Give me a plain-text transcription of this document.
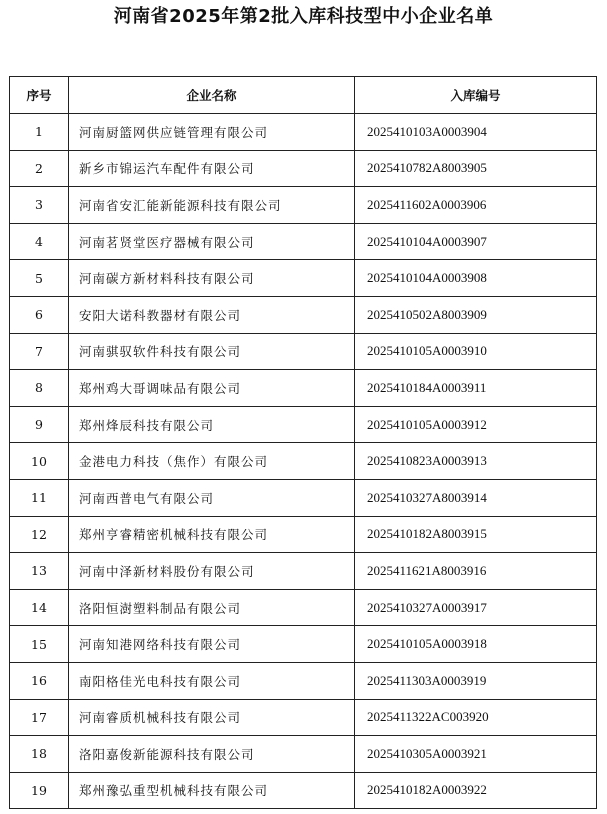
河南省2025年第2批入库科技型中小企业名单
序号	企业名称	入库编号
1	河南厨篮网供应链管理有限公司	2025410103A0003904
2	新乡市锦运汽车配件有限公司	2025410782A8003905
3	河南省安汇能新能源科技有限公司	2025411602A0003906
4	河南茗贤堂医疗器械有限公司	2025410104A0003907
5	河南碳方新材料科技有限公司	2025410104A0003908
6	安阳大诺科教器材有限公司	2025410502A8003909
7	河南骐驭软件科技有限公司	2025410105A0003910
8	郑州鸡大哥调味品有限公司	2025410184A0003911
9	郑州烽辰科技有限公司	2025410105A0003912
10	金港电力科技（焦作）有限公司	2025410823A0003913
11	河南西普电气有限公司	2025410327A8003914
12	郑州亨睿精密机械科技有限公司	2025410182A8003915
13	河南中泽新材料股份有限公司	2025411621A8003916
14	洛阳恒澍塑料制品有限公司	2025410327A0003917
15	河南知港网络科技有限公司	2025410105A0003918
16	南阳格佳光电科技有限公司	2025411303A0003919
17	河南睿质机械科技有限公司	2025411322AC003920
18	洛阳嘉俊新能源科技有限公司	2025410305A0003921
19	郑州豫弘重型机械科技有限公司	2025410182A0003922
